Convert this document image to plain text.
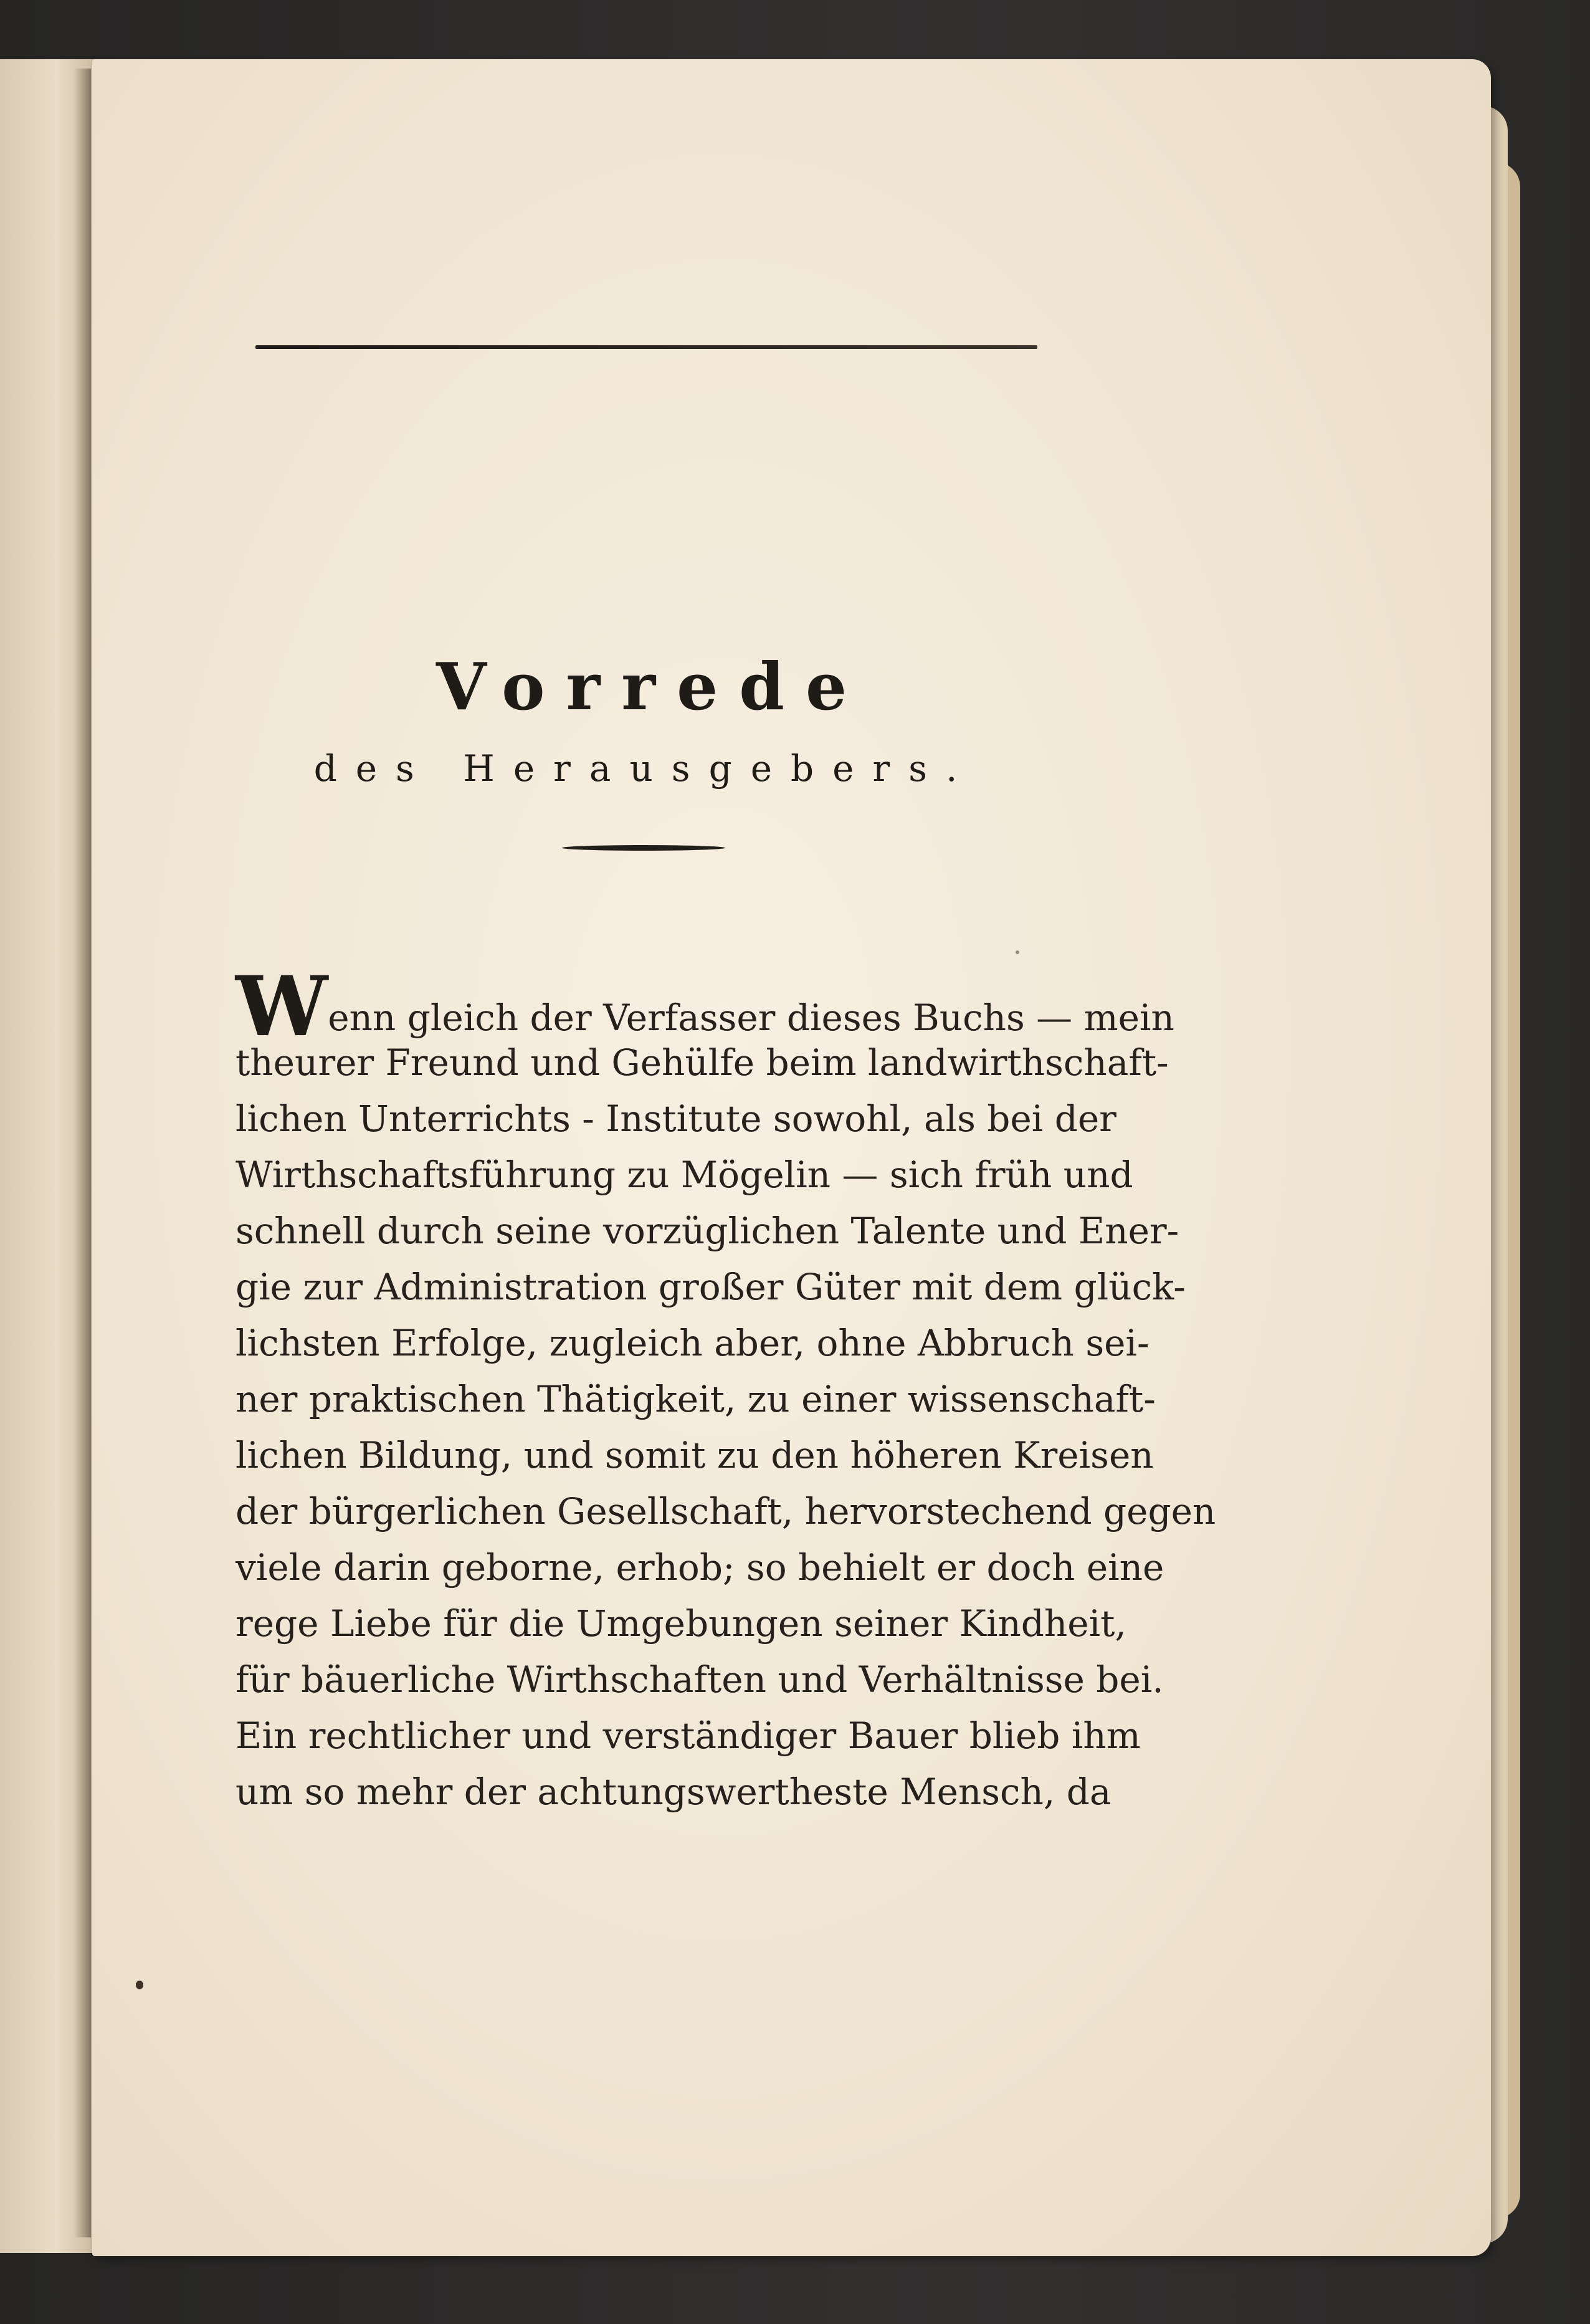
Vorrede
des Herausgebers.
Wenn gleich der Verfasser dieses Buchs — mein
theurer Freund und Gehülfe beim landwirthschaft-
lichen Unterrichts - Institute sowohl, als bei der
Wirthschaftsführung zu Mögelin — sich früh und
schnell durch seine vorzüglichen Talente und Ener-
gie zur Administration großer Güter mit dem glück-
lichsten Erfolge, zugleich aber, ohne Abbruch sei-
ner praktischen Thätigkeit, zu einer wissenschaft-
lichen Bildung, und somit zu den höheren Kreisen
der bürgerlichen Gesellschaft, hervorstechend gegen
viele darin geborne, erhob; so behielt er doch eine
rege Liebe für die Umgebungen seiner Kindheit,
für bäuerliche Wirthschaften und Verhältnisse bei.
Ein rechtlicher und verständiger Bauer blieb ihm
um so mehr der achtungswertheste Mensch, da
